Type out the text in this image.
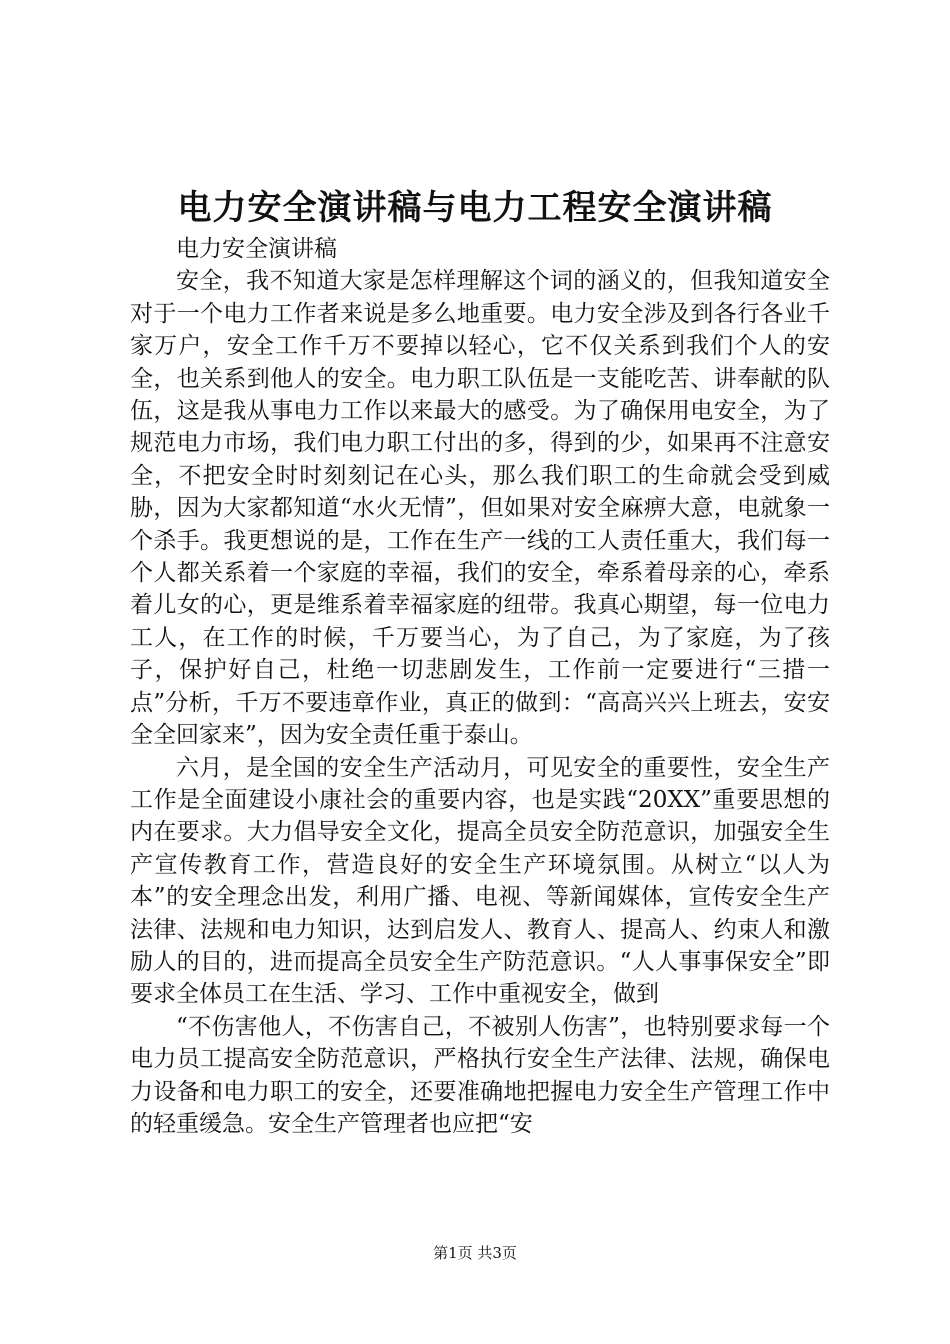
电力安全演讲稿与电力工程安全演讲稿

电力安全演讲稿

安全，我不知道大家是怎样理解这个词的涵义的，但我知道安全对于一个电力工作者来说是多么地重要。电力安全涉及到各行各业千家万户，安全工作千万不要掉以轻心，它不仅关系到我们个人的安全，也关系到他人的安全。电力职工队伍是一支能吃苦、讲奉献的队伍，这是我从事电力工作以来最大的感受。为了确保用电安全，为了规范电力市场，我们电力职工付出的多，得到的少，如果再不注意安全，不把安全时时刻刻记在心头，那么我们职工的生命就会受到威胁，因为大家都知道“水火无情”，但如果对安全麻痹大意，电就象一个杀手。我更想说的是，工作在生产一线的工人责任重大，我们每一个人都关系着一个家庭的幸福，我们的安全，牵系着母亲的心，牵系着儿女的心，更是维系着幸福家庭的纽带。我真心期望，每一位电力工人，在工作的时候，千万要当心，为了自己，为了家庭，为了孩子，保护好自己，杜绝一切悲剧发生，工作前一定要进行“三措一点”分析，千万不要违章作业，真正的做到：“高高兴兴上班去，安安全全回家来”，因为安全责任重于泰山。

六月，是全国的安全生产活动月，可见安全的重要性，安全生产工作是全面建设小康社会的重要内容，也是实践“20XX”重要思想的内在要求。大力倡导安全文化，提高全员安全防范意识，加强安全生产宣传教育工作，营造良好的安全生产环境氛围。从树立“以人为本”的安全理念出发，利用广播、电视、等新闻媒体，宣传安全生产法律、法规和电力知识，达到启发人、教育人、提高人、约束人和激励人的目的，进而提高全员安全生产防范意识。“人人事事保安全”即要求全体员工在生活、学习、工作中重视安全，做到

“不伤害他人，不伤害自己，不被别人伤害”，也特别要求每一个电力员工提高安全防范意识，严格执行安全生产法律、法规，确保电力设备和电力职工的安全，还要准确地把握电力安全生产管理工作中的轻重缓急。安全生产管理者也应把“安

第1页 共3页
